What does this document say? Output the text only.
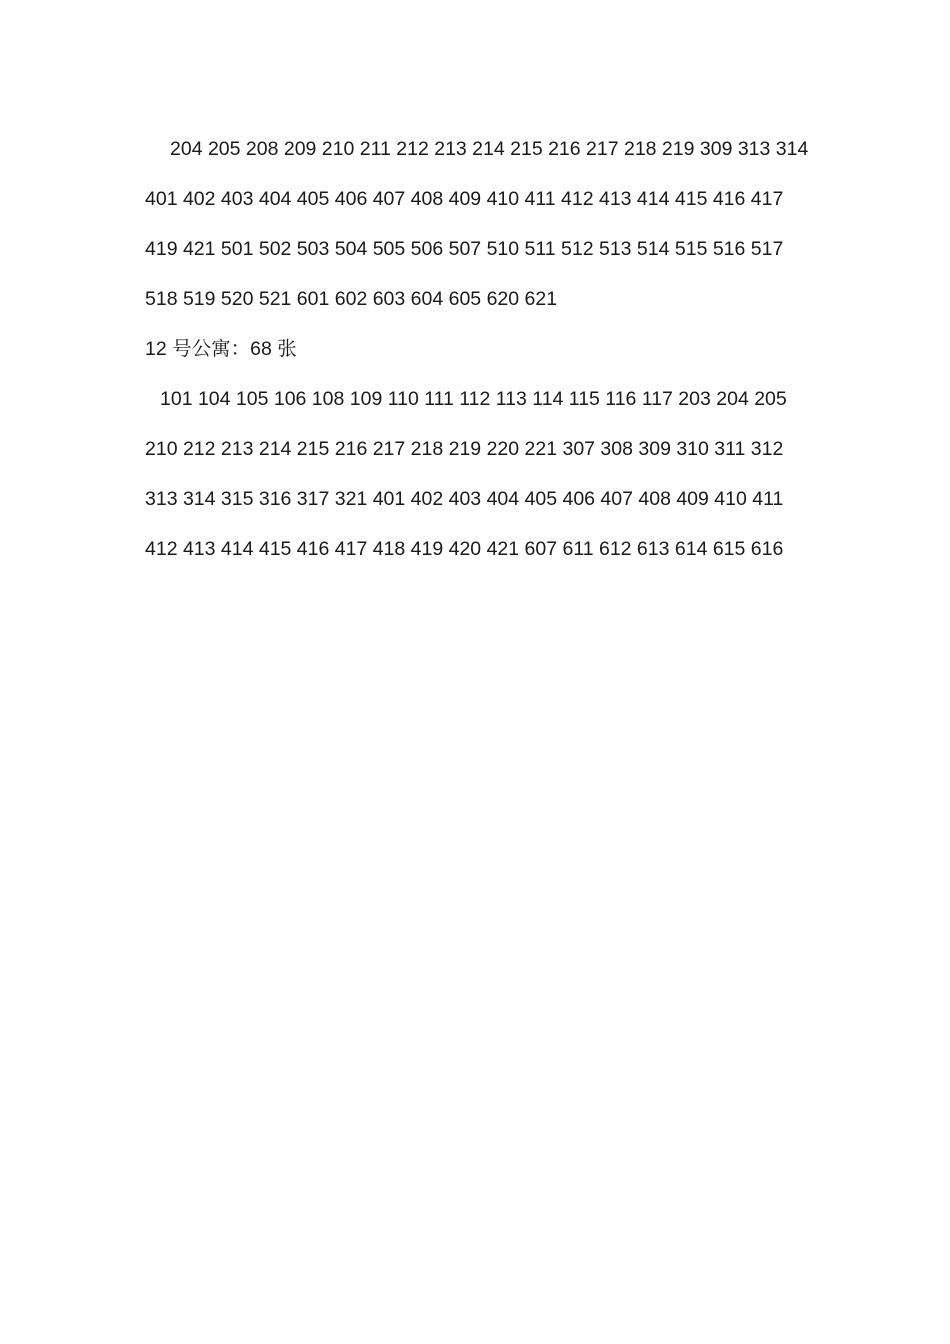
204 205 208 209 210 211 212 213 214 215 216 217 218 219 309 313 314 401 402 403 404 405 406 407 408 409 410 411 412 413 414 415 416 417 419 421 501 502 503 504 505 506 507 510 511 512 513 514 515 516 517 518 519 520 521 601 602 603 604 605 620 621

12 号公寓：68 张

101 104 105 106 108 109 110 111 112 113 114 115 116 117 203 204 205 210 212 213 214 215 216 217 218 219 220 221 307 308 309 310 311 312 313 314 315 316 317 321 401 402 403 404 405 406 407 408 409 410 411 412 413 414 415 416 417 418 419 420 421 607 611 612 613 614 615 616
